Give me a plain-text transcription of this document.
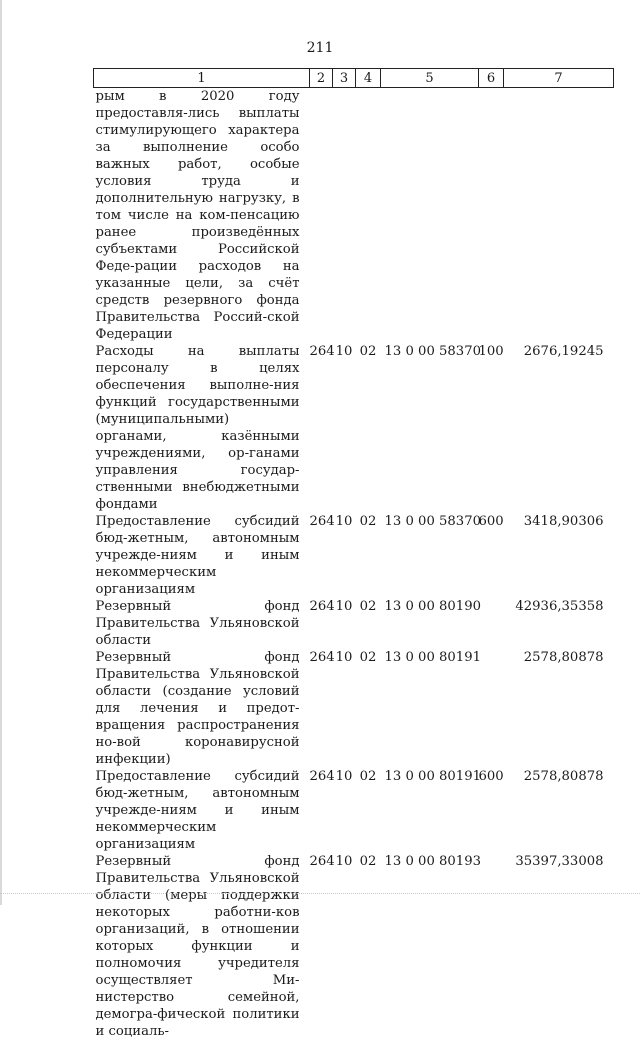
211
1	2	3	4	5	6	7
рым в 2020 году предоставля-лись выплаты стимулирующего характера за выполнение особо важных работ, особые условия труда и дополнительную нагрузку, в том числе на ком-пенсацию ранее произведённых субъектами Российской Феде-рации расходов на указанные цели, за счёт средств резервного фонда Правительства Россий-ской Федерации						
Расходы на выплаты персоналу в целях обеспечения выполне-ния функций государственными (муниципальными) органами, казёнными учреждениями, ор-ганами управления государ-ственными внебюджетными фондами	264	10	02	13 0 00 58370	100	2676,19245
Предоставление субсидий бюд-жетным, автономным учрежде-ниям и иным некоммерческим организациям	264	10	02	13 0 00 58370	600	3418,90306
Резервный фонд Правительства Ульяновской области	264	10	02	13 0 00 80190		42936,35358
Резервный фонд Правительства Ульяновской области (создание условий для лечения и предот-вращения распространения но-вой коронавирусной инфекции)	264	10	02	13 0 00 80191		2578,80878
Предоставление субсидий бюд-жетным, автономным учрежде-ниям и иным некоммерческим организациям	264	10	02	13 0 00 80191	600	2578,80878
Резервный фонд Правительства Ульяновской области (меры поддержки некоторых работни-ков организаций, в отношении которых функции и полномочия учредителя осуществляет Ми-нистерство семейной, демогра-фической политики и социаль-	264	10	02	13 0 00 80193		35397,33008
